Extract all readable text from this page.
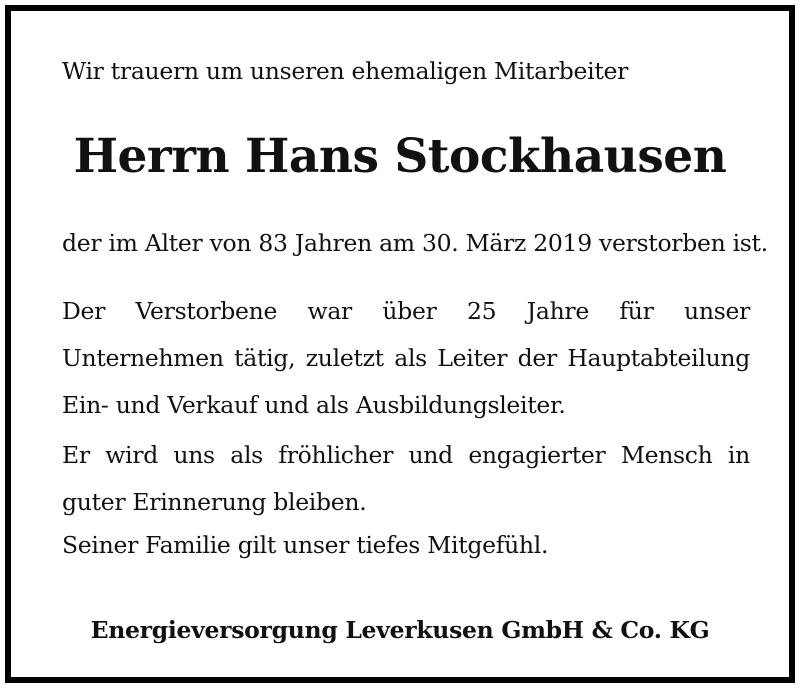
Wir trauern um unseren ehemaligen Mitarbeiter

Herrn Hans Stockhausen

der im Alter von 83 Jahren am 30. März 2019 verstorben ist.

Der Verstorbene war über 25 Jahre für unser Unternehmen tätig, zuletzt als Leiter der Hauptabteilung Ein- und Verkauf und als Ausbildungsleiter.

Er wird uns als fröhlicher und engagierter Mensch in guter Erinnerung bleiben.

Seiner Familie gilt unser tiefes Mitgefühl.

Energieversorgung Leverkusen GmbH & Co. KG
